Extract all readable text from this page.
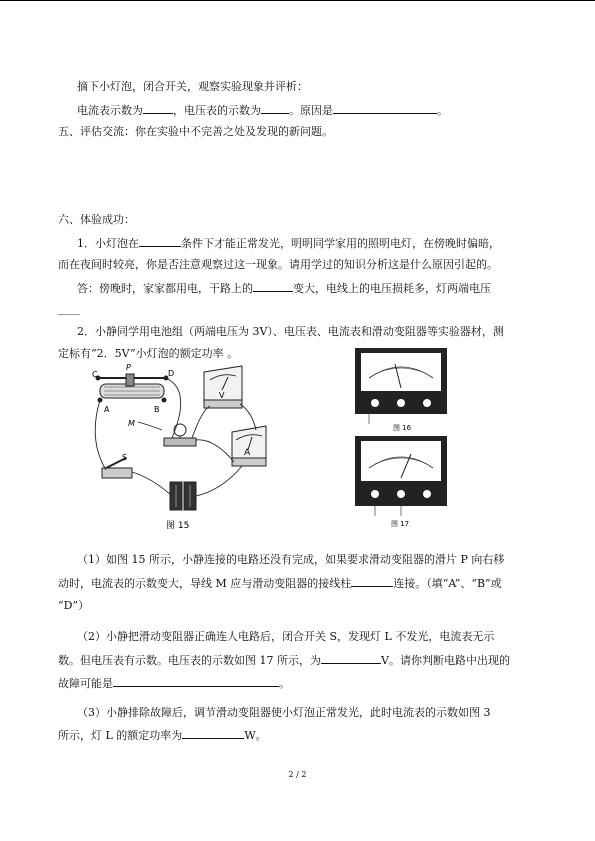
摘下小灯泡，闭合开关，观察实验现象并评析：
电流表示数为	，电压表的示数为	。原因是	。
五、评估交流：你在实验中不完善之处及发现的新问题。
六、体验成功：
1．小灯泡在	条件下才能正常发光，明明同学家用的照明电灯，在傍晚时偏暗，
而在夜间时较亮，你是否注意观察过这一现象。请用学过的知识分析这是什么原因引起的。
答：傍晚时，家家都用电，干路上的	变大，电线上的电压损耗多，灯两端电压
____
2．小静同学用电池组（两端电压为 3V）、电压表、电流表和滑动变阻器等实验器材，测
定标有“2．5V”小灯泡的额定功率 。
C
P
D
A	B
V
A
S
M
图 15
图 16
图 17
（1）如图 15 所示，小静连接的电路还没有完成，如果要求滑动变阻器的滑片 P 向右移
动时，电流表的示数变大，导线 M 应与滑动变阻器的接线柱	连接。（填“A”、“B”或
“D”）
（2）小静把滑动变阻器正确连人电路后，闭合开关 S，发现灯 L 不发光，电流表无示
数。但电压表有示数。电压表的示数如图 17 所示，为	V。请你判断电路中出现的
故障可能是	。
（3）小静排除故障后，调节滑动变阻器使小灯泡正常发光，此时电流表的示数如图 3
所示，灯 L 的额定功率为	W。
2 / 2
